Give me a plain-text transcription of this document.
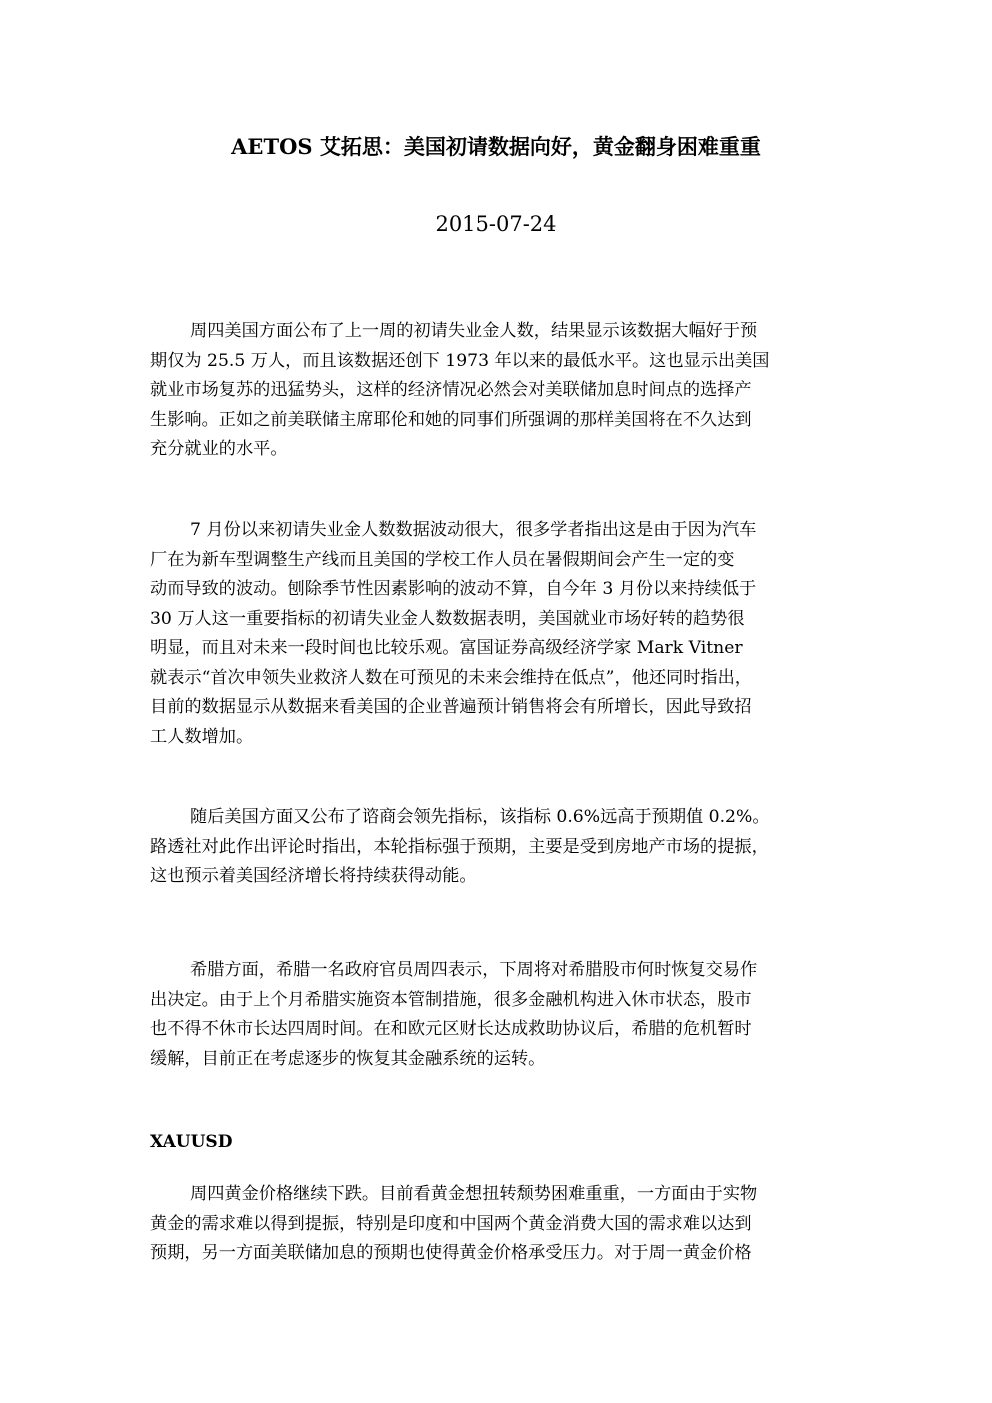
AETOS 艾拓思：美国初请数据向好，黄金翻身困难重重
2015-07-24
周四美国方面公布了上一周的初请失业金人数，结果显示该数据大幅好于预
期仅为 25.5 万人，而且该数据还创下 1973 年以来的最低水平。这也显示出美国
就业市场复苏的迅猛势头，这样的经济情况必然会对美联储加息时间点的选择产
生影响。正如之前美联储主席耶伦和她的同事们所强调的那样美国将在不久达到
充分就业的水平。
7 月份以来初请失业金人数数据波动很大，很多学者指出这是由于因为汽车
厂在为新车型调整生产线而且美国的学校工作人员在暑假期间会产生一定的变
动而导致的波动。刨除季节性因素影响的波动不算，自今年 3 月份以来持续低于
30 万人这一重要指标的初请失业金人数数据表明，美国就业市场好转的趋势很
明显，而且对未来一段时间也比较乐观。富国证券高级经济学家 Mark Vitner
就表示“首次申领失业救济人数在可预见的未来会维持在低点”，他还同时指出，
目前的数据显示从数据来看美国的企业普遍预计销售将会有所增长，因此导致招
工人数增加。
随后美国方面又公布了谘商会领先指标，该指标 0.6%远高于预期值 0.2%。
路透社对此作出评论时指出，本轮指标强于预期，主要是受到房地产市场的提振，
这也预示着美国经济增长将持续获得动能。
希腊方面，希腊一名政府官员周四表示，下周将对希腊股市何时恢复交易作
出决定。由于上个月希腊实施资本管制措施，很多金融机构进入休市状态，股市
也不得不休市长达四周时间。在和欧元区财长达成救助协议后，希腊的危机暂时
缓解，目前正在考虑逐步的恢复其金融系统的运转。
XAUUSD
周四黄金价格继续下跌。目前看黄金想扭转颓势困难重重，一方面由于实物
黄金的需求难以得到提振，特别是印度和中国两个黄金消费大国的需求难以达到
预期，另一方面美联储加息的预期也使得黄金价格承受压力。对于周一黄金价格
